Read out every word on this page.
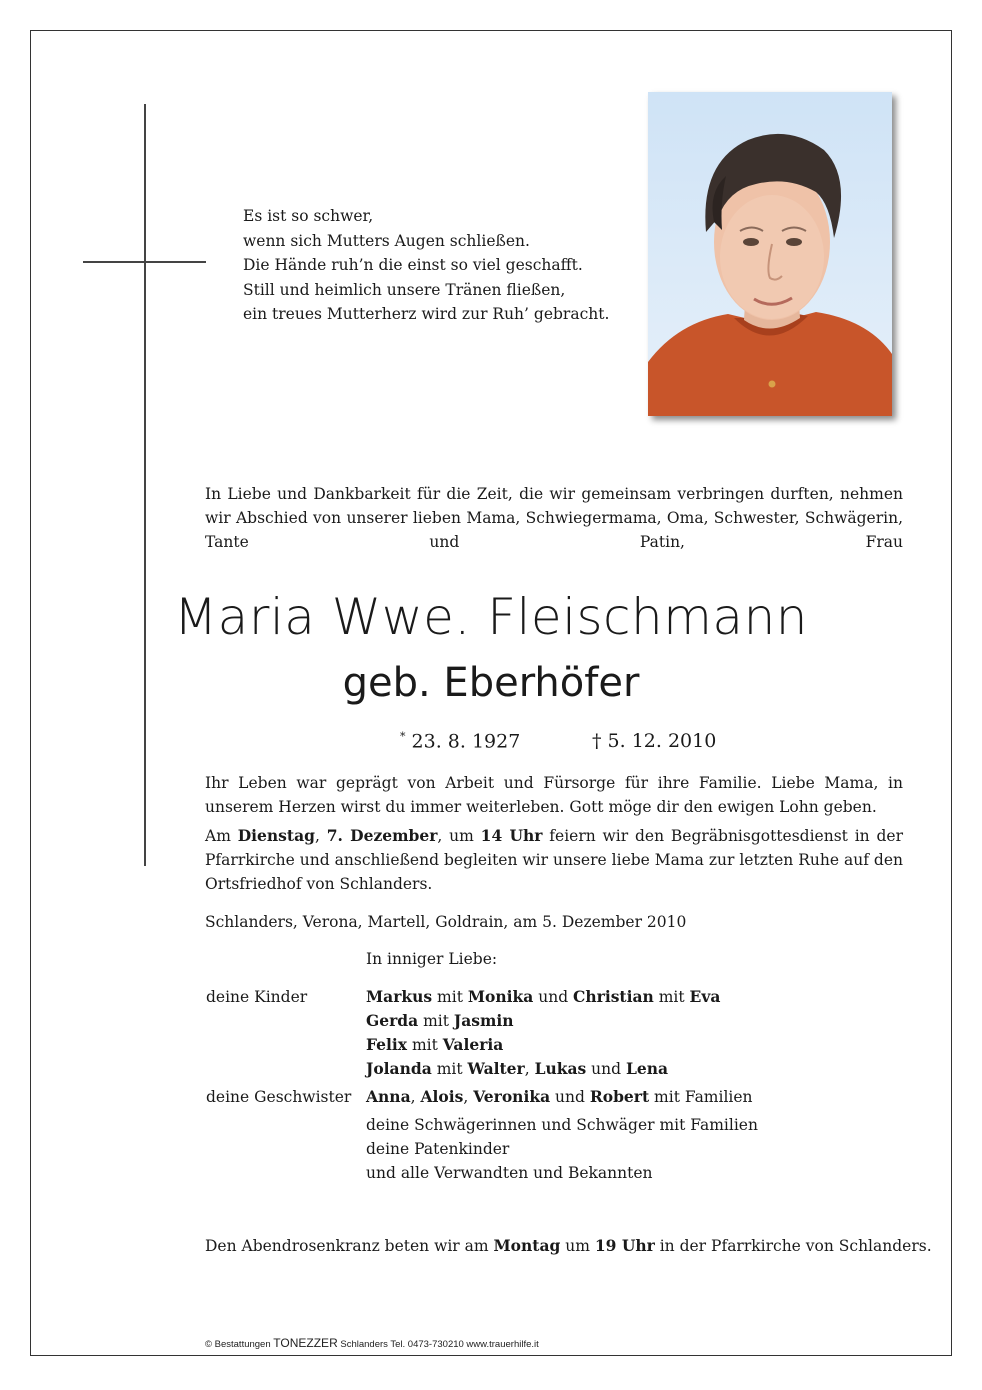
Es ist so schwer,
wenn sich Mutters Augen schließen.
Die Hände ruh’n die einst so viel geschafft.
Still und heimlich unsere Tränen fließen,
ein treues Mutterherz wird zur Ruh’ gebracht.
In Liebe und Dankbarkeit für die Zeit, die wir gemeinsam verbringen durften, nehmen wir Abschied von unserer lieben Mama, Schwiegermama, Oma, Schwester, Schwägerin, Tante und Patin, Frau
Maria Wwe. Fleischmann
geb. Eberhöfer
* 23. 8. 1927	† 5. 12. 2010
Ihr Leben war geprägt von Arbeit und Fürsorge für ihre Familie. Liebe Mama, in unserem Herzen wirst du immer weiterleben. Gott möge dir den ewigen Lohn geben.
Am Dienstag, 7. Dezember, um 14 Uhr feiern wir den Begräbnisgottesdienst in der Pfarrkirche und anschließend begleiten wir unsere liebe Mama zur letzten Ruhe auf den Ortsfriedhof von Schlanders.
Schlanders, Verona, Martell, Goldrain, am 5. Dezember 2010
In inniger Liebe:
deine Kinder	Markus mit Monika und Christian mit Eva
Gerda mit Jasmin
Felix mit Valeria
Jolanda mit Walter, Lukas und Lena
deine Geschwister Anna, Alois, Veronika und Robert mit Familien
deine Schwägerinnen und Schwäger mit Familien
deine Patenkinder
und alle Verwandten und Bekannten
Den Abendrosenkranz beten wir am Montag um 19 Uhr in der Pfarrkirche von Schlanders.
© Bestattungen TONEZZER Schlanders Tel. 0473-730210 www.trauerhilfe.it
